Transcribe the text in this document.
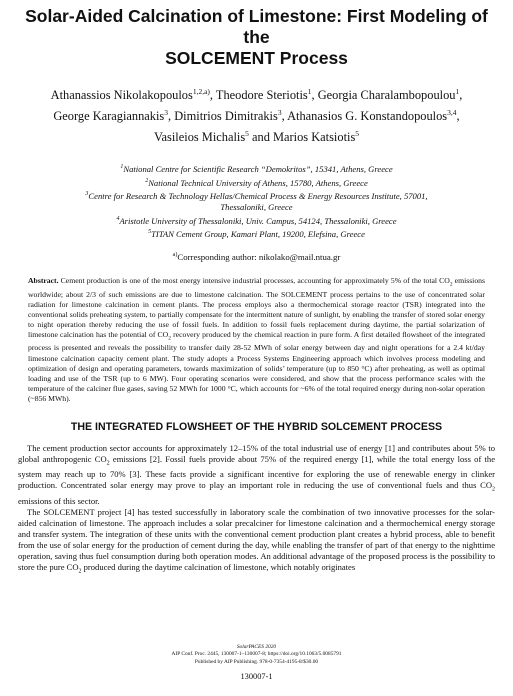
Solar-Aided Calcination of Limestone: First Modeling of the
SOLCEMENT Process
Athanassios Nikolakopoulos$^{1,2,a)}$, Theodore Steriotis$^1$, Georgia Charalambopoulou$^1$,
George Karagiannakis$^3$, Dimitrios Dimitrakis$^3$, Athanasios G. Konstandopoulos$^{3,4}$,
Vasileios Michalis$^5$ and Marios Katsiotis$^5$
$^1$National Centre for Scientific Research “Demokritos”, 15341, Athens, Greece
$^2$National Technical University of Athens, 15780, Athens, Greece
$^3$Centre for Research & Technology Hellas/Chemical Process & Energy Resources Institute, 57001,
Thessaloniki, Greece
$^4$Aristotle University of Thessaloniki, Univ. Campus, 54124, Thessaloniki, Greece
$^5$TITAN Cement Group, Kamari Plant, 19200, Elefsina, Greece
$^{a)}$Corresponding author: nikolako@mail.ntua.gr
Abstract. Cement production is one of the most energy intensive industrial processes, accounting for approximately 5% of the total $CO_2$ emissions worldwide; about 2/3 of such emissions are due to limestone calcination. The SOLCEMENT process pertains to the use of concentrated solar radiation for limestone calcination in cement plants. The process employs also a thermochemical storage reactor (TSR) integrated into the conventional solids preheating system, to partially compensate for the intermittent nature of sunlight, by enabling the transfer of stored solar energy to night operation thereby reducing the use of fossil fuels. In addition to fossil fuels replacement during daytime, the partial solarization of limestone calcination has the potential of $CO_2$ recovery produced by the chemical reaction in pure form. A first detailed flowsheet of the integrated process is presented and reveals the possibility to transfer daily 28-52 MWh of solar energy between day and night operations for a 2.4 kt/day limestone calcination capacity cement plant. The study adopts a Process Systems Engineering approach which involves process modeling and optimization of design and operating parameters, towards maximization of solids’ temperature (up to 850 °C) after preheating, as well as optimal loading and use of the TSR (up to 6 MW). Four operating scenarios were considered, and show that the process performance scales with the temperature of the calciner flue gases, saving 52 MWh for 1000 °C, which accounts for ~6% of the total required energy during non-solar operation (~856 MWh).
THE INTEGRATED FLOWSHEET OF THE HYBRID SOLCEMENT PROCESS

The cement production sector accounts for approximately 12–15% of the total industrial use of energy [1] and contributes about 5% to global anthropogenic $CO_2$ emissions [2]. Fossil fuels provide about 75% of the required energy [1], while the total energy loss of the system may reach up to 70% [3]. These facts provide a significant incentive for exploring the use of renewable energy in clinker production. Concentrated solar energy may prove to play an important role in reducing the use of conventional fuels and thus $CO_2$ emissions of this sector.

The SOLCEMENT project [4] has tested successfully in laboratory scale the combination of two innovative processes for the solar-aided calcination of limestone. The approach includes a solar precalciner for limestone calcination and a thermochemical energy storage and transfer system. The integration of these units with the conventional cement production plant creates a hybrid process, able to benefit from the use of solar energy for the production of cement during the day, while enabling the transfer of part of that energy to the nighttime operation, saving thus fuel consumption during both operation modes. An additional advantage of the proposed process is the possibility to store the pure $CO_2$ produced during the daytime calcination of limestone, which notably originates

SolarPACES 2020
AIP Conf. Proc. 2445, 130007-1–130007-8; https://doi.org/10.1063/5.0085791
Published by AIP Publishing. 978-0-7354-4195-8/$30.00
130007-1
